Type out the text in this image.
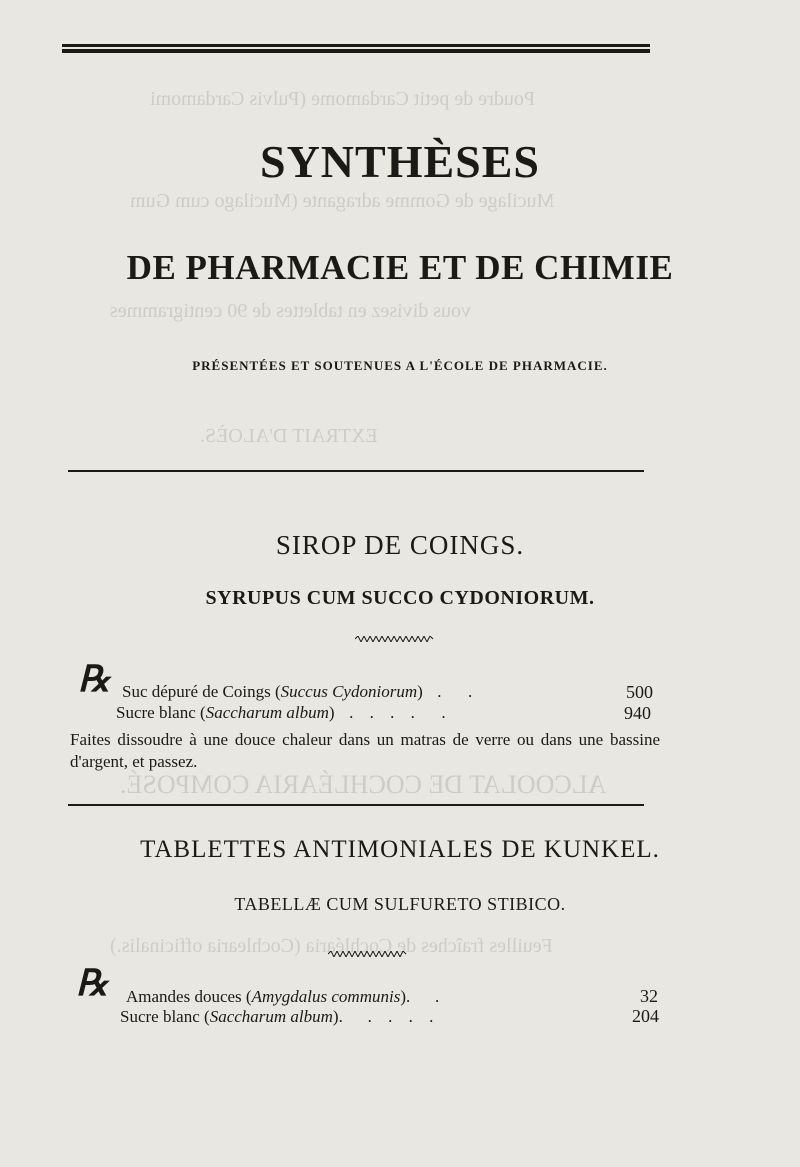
Poudre de petit Cardamome (Pulvis Cardamomi
Mucilage de Gomme adragante (Mucilago cum Gum
vous divisez en tablettes de 90 centigrammes
EXTRAIT D'ALOÈS.
ALCOOLAT DE COCHLÉARIA COMPOSÉ.
Feuilles fraîches de Cochléaria (Cochlearia officinalis.)
SYNTHÈSES
DE PHARMACIE ET DE CHIMIE
PRÉSENTÉES ET SOUTENUES A L'ÉCOLE DE PHARMACIE.
SIROP DE COINGS.
SYRUPUS CUM SUCCO CYDONIORUM.
℞ Suc dépuré de Coings (Succus Cydoniorum)  .  .	500
Sucre blanc (Saccharum album)  . . . .  .	940
Faites dissoudre à une douce chaleur dans un matras de verre ou dans une bassine d'argent, et passez.
TABLETTES ANTIMONIALES DE KUNKEL.
TABELLÆ CUM SULFURETO STIBICO.
℞ Amandes douces (Amygdalus communis).   .	32
Sucre blanc (Saccharum album).   . . . .	204
